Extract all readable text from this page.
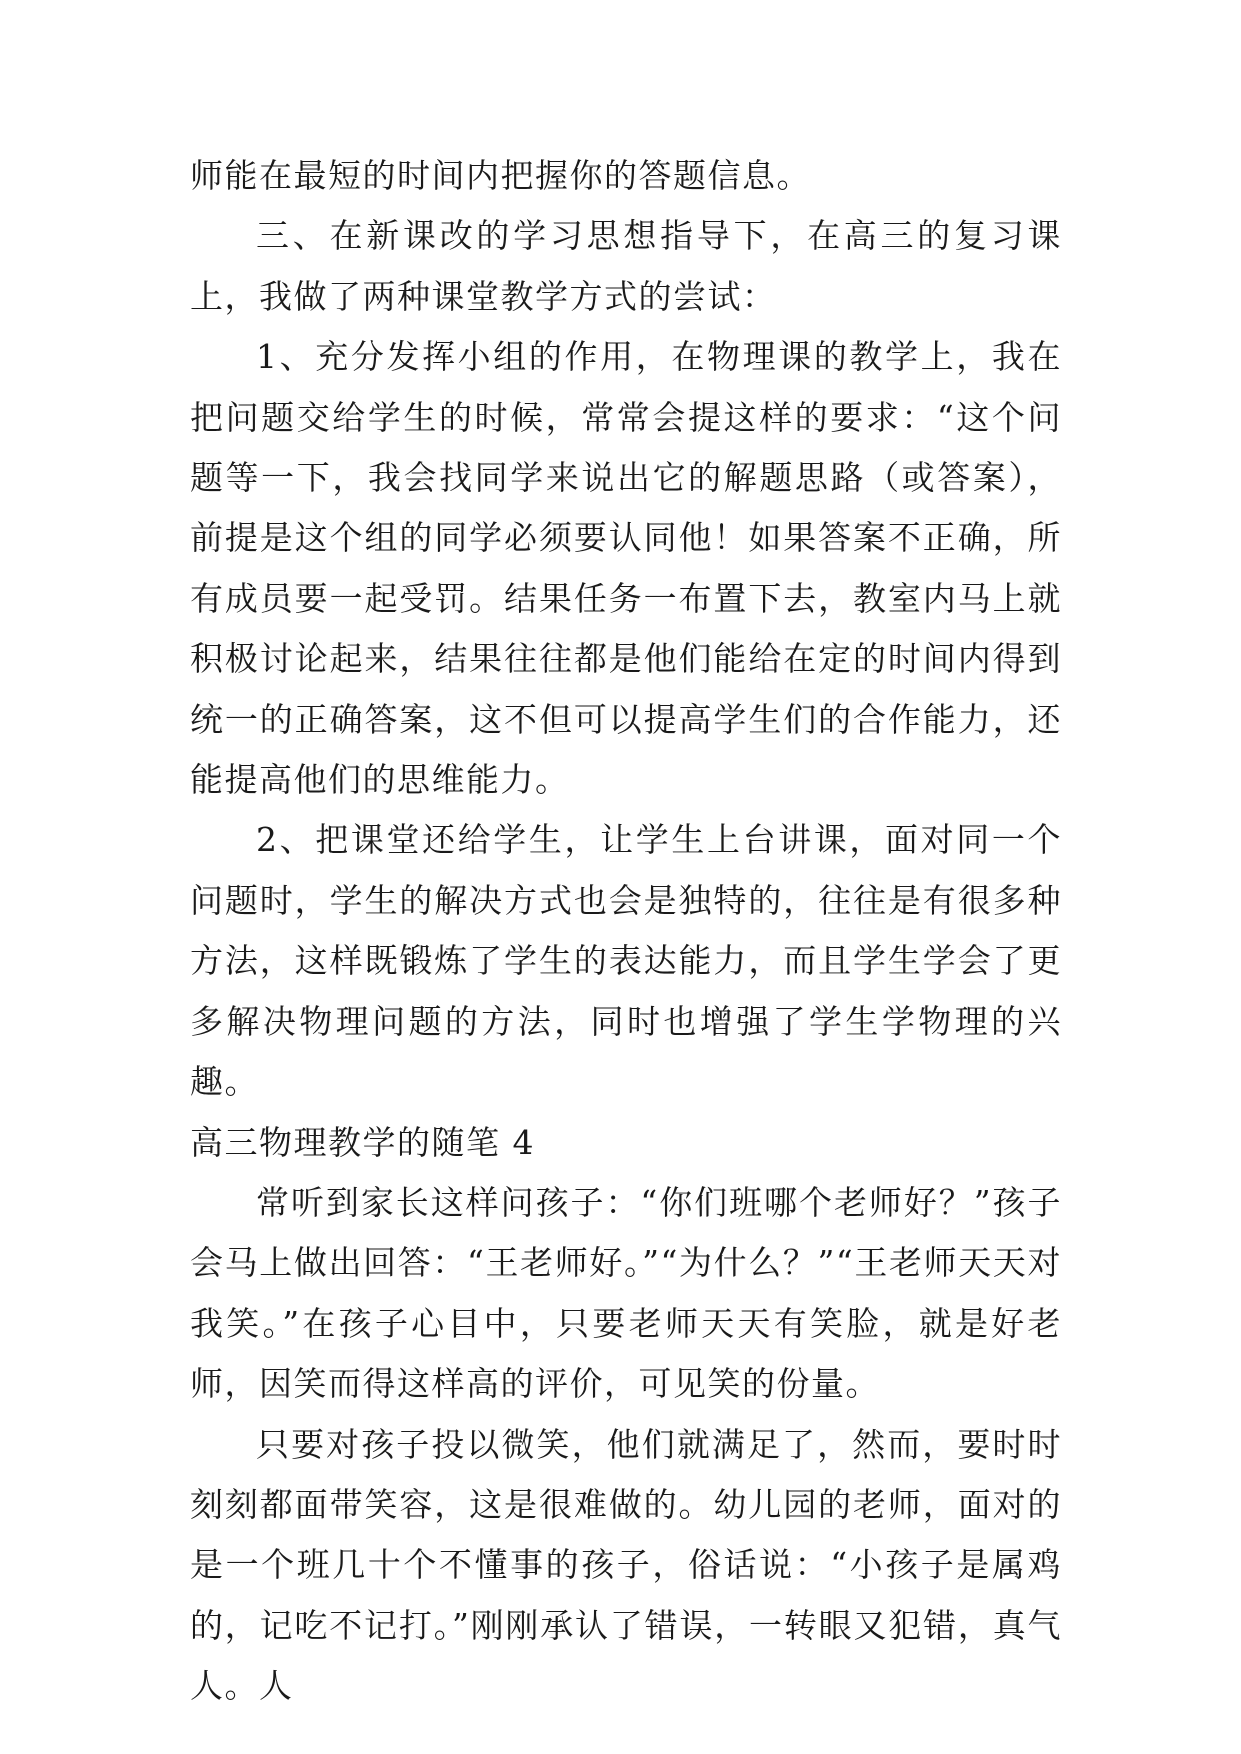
师能在最短的时间内把握你的答题信息。

三、在新课改的学习思想指导下，在高三的复习课上，我做了两种课堂教学方式的尝试：

1、充分发挥小组的作用，在物理课的教学上，我在把问题交给学生的时候，常常会提这样的要求：“这个问题等一下，我会找同学来说出它的解题思路（或答案），前提是这个组的同学必须要认同他！如果答案不正确，所有成员要一起受罚。结果任务一布置下去，教室内马上就积极讨论起来，结果往往都是他们能给在定的时间内得到统一的正确答案，这不但可以提高学生们的合作能力，还能提高他们的思维能力。

2、把课堂还给学生，让学生上台讲课，面对同一个问题时，学生的解决方式也会是独特的，往往是有很多种方法，这样既锻炼了学生的表达能力，而且学生学会了更多解决物理问题的方法，同时也增强了学生学物理的兴趣。

高三物理教学的随笔 4

常听到家长这样问孩子：“你们班哪个老师好？”孩子会马上做出回答：“王老师好。”“为什么？”“王老师天天对我笑。”在孩子心目中，只要老师天天有笑脸，就是好老师，因笑而得这样高的评价，可见笑的份量。

只要对孩子投以微笑，他们就满足了，然而，要时时刻刻都面带笑容，这是很难做的。幼儿园的老师，面对的是一个班几十个不懂事的孩子，俗话说：“小孩子是属鸡的，记吃不记打。”刚刚承认了错误，一转眼又犯错，真气人。人
